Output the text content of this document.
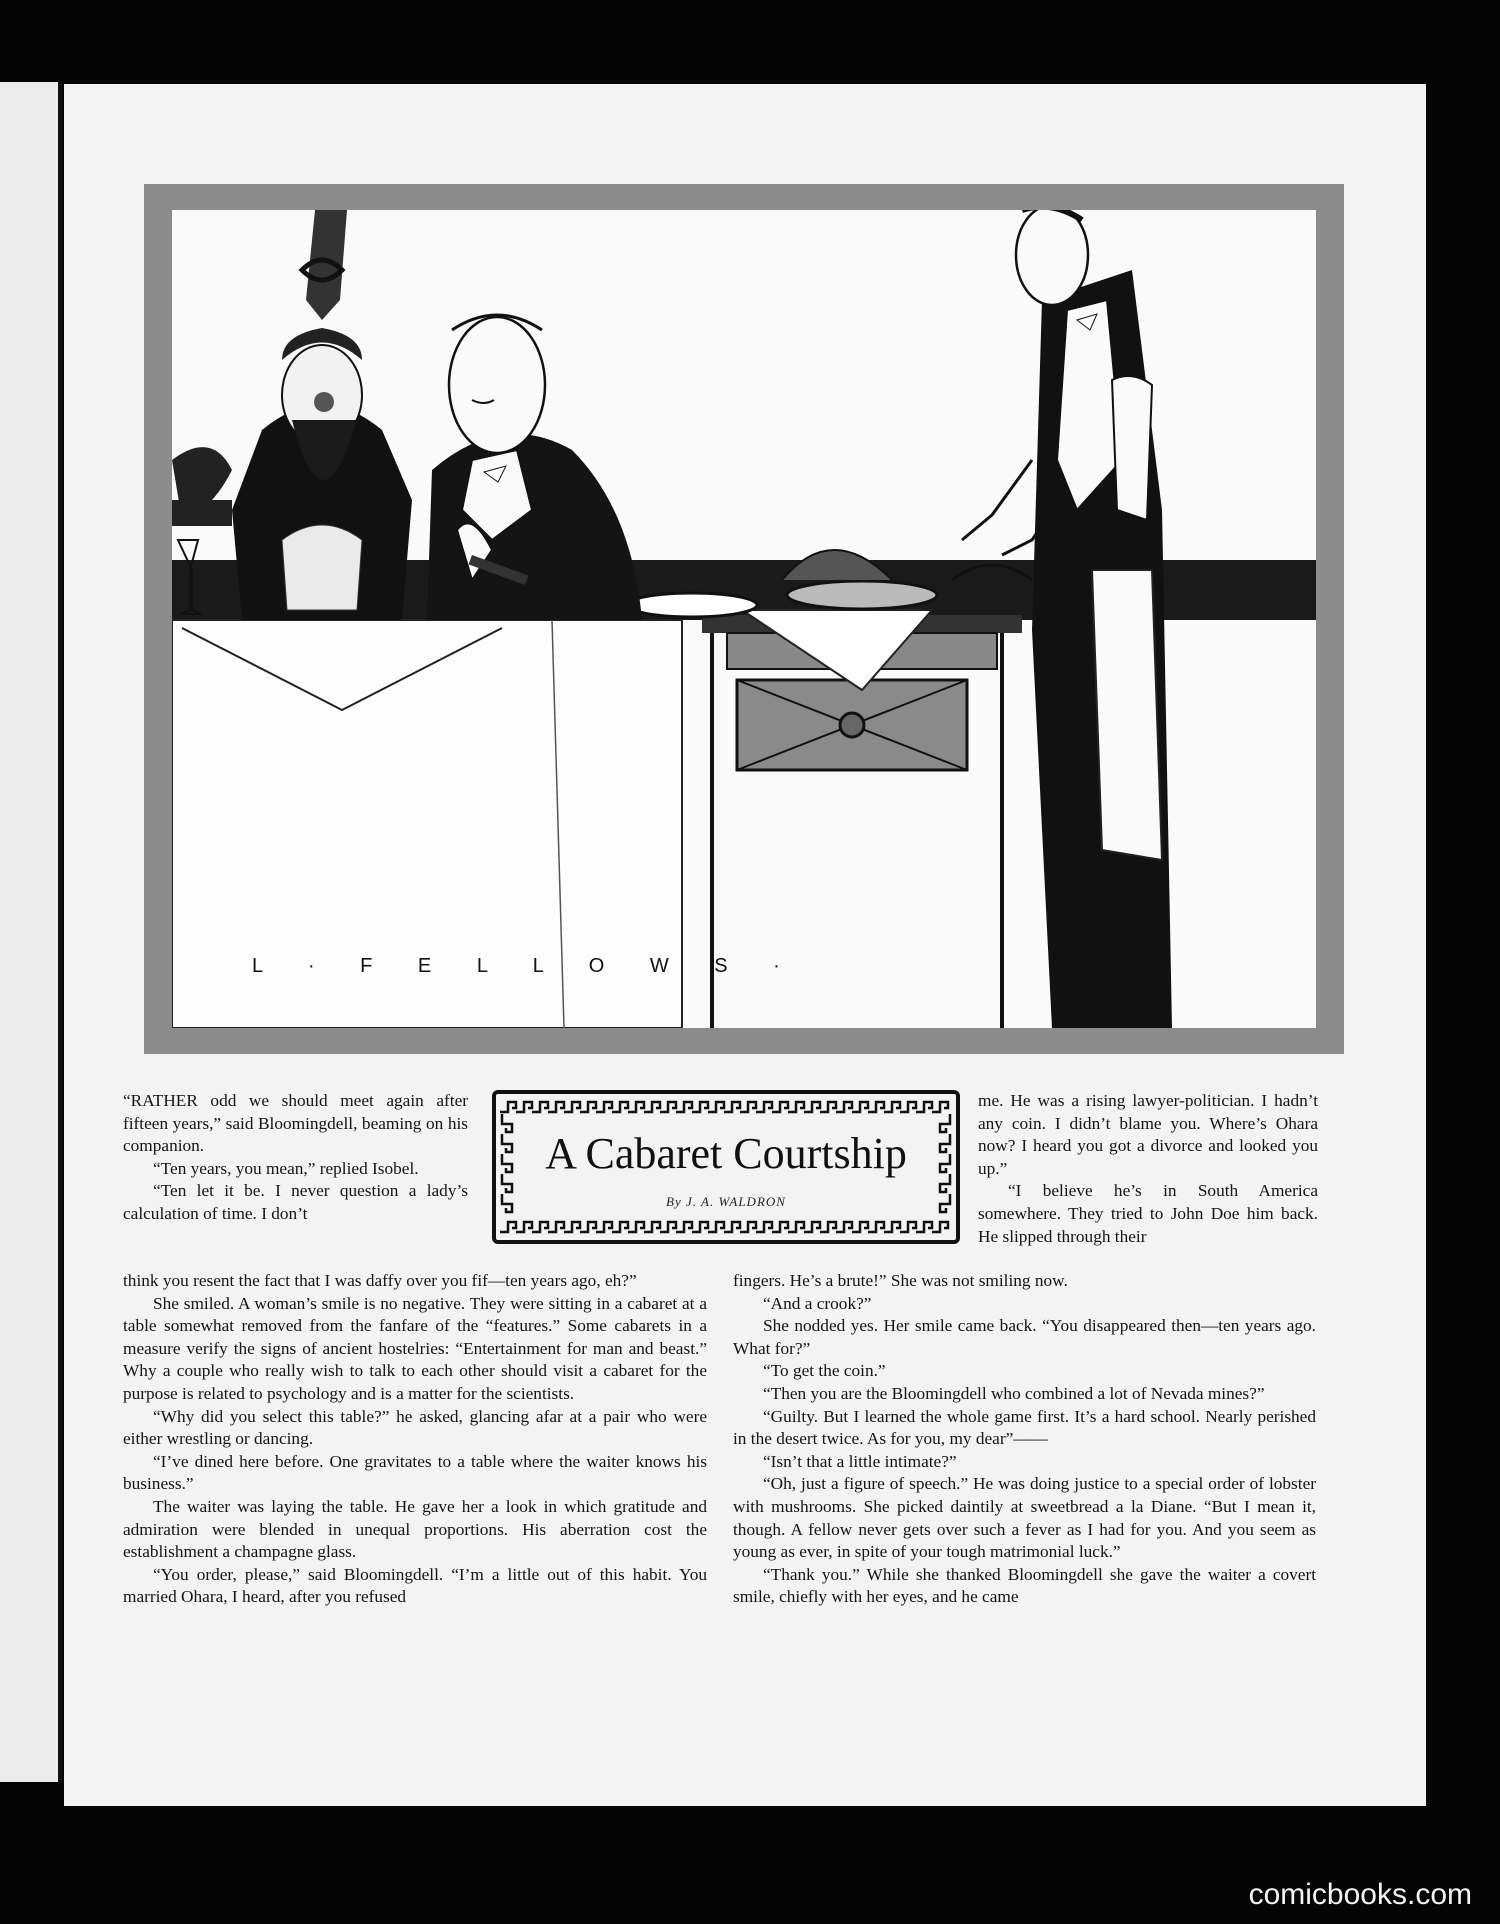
L · F E L L O W S ·
A Cabaret Courtship
By J. A. WALDRON

“RATHER odd we should meet again after fifteen years,” said Bloomingdell, beaming on his companion.

“Ten years, you mean,” replied Isobel.

“Ten let it be. I never question a lady’s calculation of time. I don’t

think you resent the fact that I was daffy over you fif—ten years ago, eh?”

She smiled. A woman’s smile is no negative. They were sitting in a cabaret at a table somewhat removed from the fanfare of the “features.” Some cabarets in a measure verify the signs of ancient hostelries: “Entertainment for man and beast.” Why a couple who really wish to talk to each other should visit a cabaret for the purpose is related to psychology and is a matter for the scientists.

“Why did you select this table?” he asked, glancing afar at a pair who were either wrestling or dancing.

“I’ve dined here before. One gravitates to a table where the waiter knows his business.”

The waiter was laying the table. He gave her a look in which gratitude and admiration were blended in unequal proportions. His aberration cost the establishment a champagne glass.

“You order, please,” said Bloomingdell. “I’m a little out of this habit. You married Ohara, I heard, after you refused

me. He was a rising lawyer-politician. I hadn’t any coin. I didn’t blame you. Where’s Ohara now? I heard you got a divorce and looked you up.”

“I believe he’s in South America somewhere. They tried to John Doe him back. He slipped through their

fingers. He’s a brute!” She was not smiling now.

“And a crook?”

She nodded yes. Her smile came back. “You disappeared then—ten years ago. What for?”

“To get the coin.”

“Then you are the Bloomingdell who combined a lot of Nevada mines?”

“Guilty. But I learned the whole game first. It’s a hard school. Nearly perished in the desert twice. As for you, my dear”——

“Isn’t that a little intimate?”

“Oh, just a figure of speech.” He was doing justice to a special order of lobster with mushrooms. She picked daintily at sweetbread a la Diane. “But I mean it, though. A fellow never gets over such a fever as I had for you. And you seem as young as ever, in spite of your tough matrimonial luck.”

“Thank you.” While she thanked Bloomingdell she gave the waiter a covert smile, chiefly with her eyes, and he came

comicbooks.com
